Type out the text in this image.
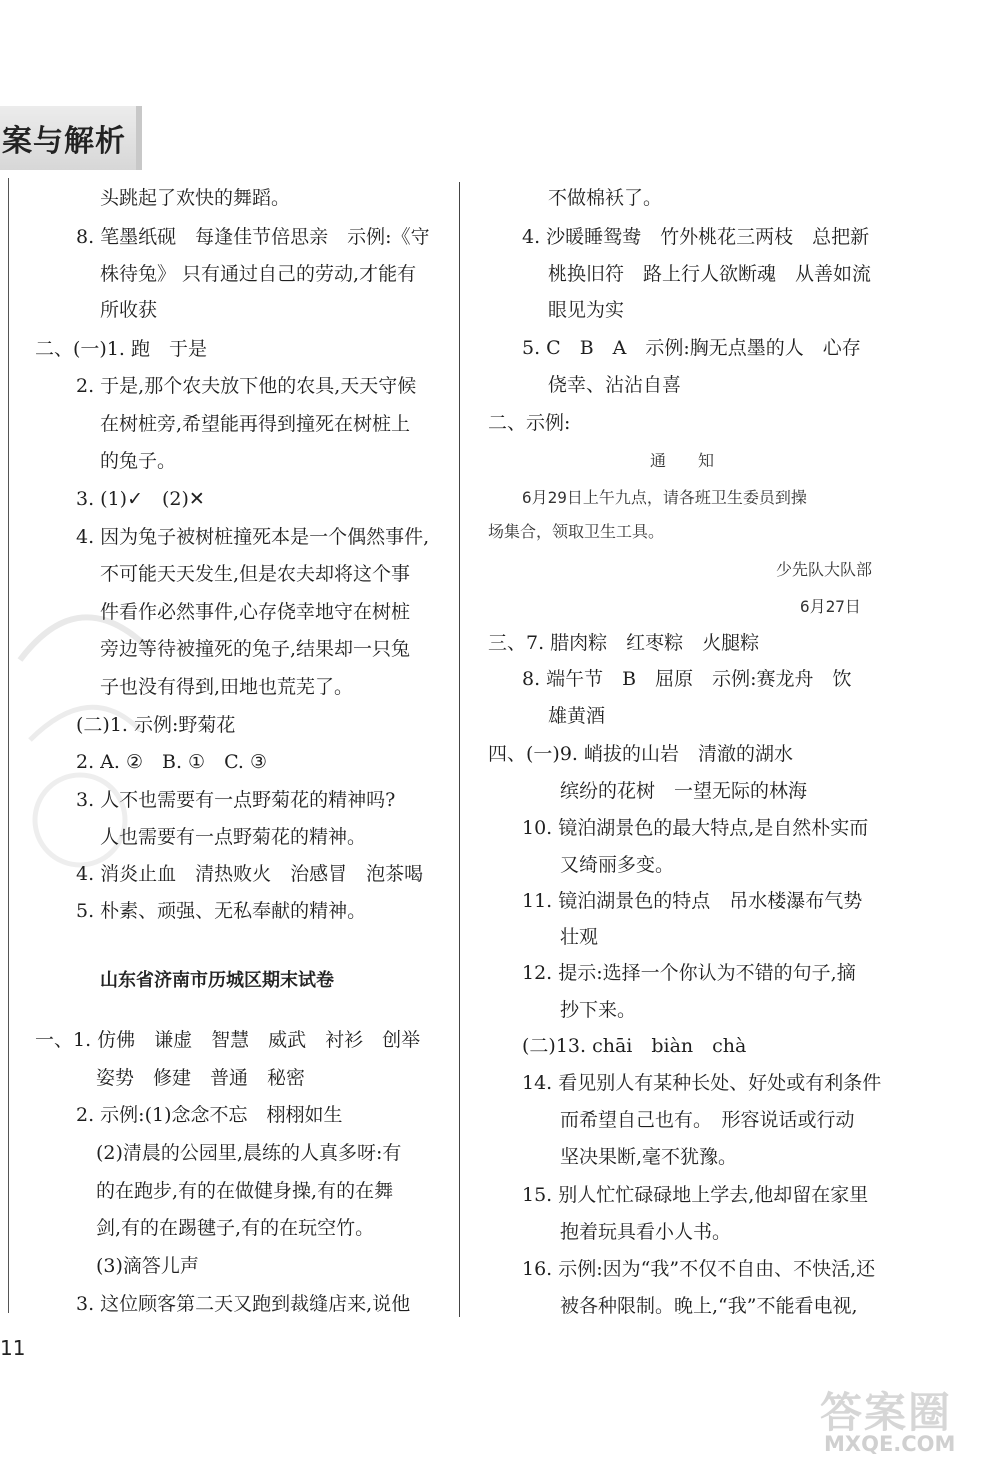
案与解析
头跳起了欢快的舞蹈。
8. 笔墨纸砚　每逢佳节倍思亲　示例:《守
株待兔》 只有通过自己的劳动,才能有
所收获
二、(一)1. 跑　于是
2. 于是,那个农夫放下他的农具,天天守候
在树桩旁,希望能再得到撞死在树桩上
的兔子。
3. (1)✓　(2)✕
4. 因为兔子被树桩撞死本是一个偶然事件,
不可能天天发生,但是农夫却将这个事
件看作必然事件,心存侥幸地守在树桩
旁边等待被撞死的兔子,结果却一只兔
子也没有得到,田地也荒芜了。
(二)1. 示例:野菊花
2. A. ②　B. ①　C. ③
3. 人不也需要有一点野菊花的精神吗?
人也需要有一点野菊花的精神。
4. 消炎止血　清热败火　治感冒　泡茶喝
5. 朴素、顽强、无私奉献的精神。
山东省济南市历城区期末试卷
一、1. 仿佛　谦虚　智慧　威武　衬衫　创举
姿势　修建　普通　秘密
2. 示例:(1)念念不忘　栩栩如生
(2)清晨的公园里,晨练的人真多呀:有
的在跑步,有的在做健身操,有的在舞
剑,有的在踢毽子,有的在玩空竹。
(3)滴答儿声
3. 这位顾客第二天又跑到裁缝店来,说他
不做棉袄了。
4. 沙暖睡鸳鸯　竹外桃花三两枝　总把新
桃换旧符　路上行人欲断魂　从善如流
眼见为实
5. C　B　A　示例:胸无点墨的人　心存
侥幸、沾沾自喜
二、示例:
通　　知
6月29日上午九点，请各班卫生委员到操
场集合，领取卫生工具。
少先队大队部
6月27日
三、7. 腊肉粽　红枣粽　火腿粽
8. 端午节　B　屈原　示例:赛龙舟　饮
雄黄酒
四、(一)9. 峭拔的山岩　清澈的湖水
缤纷的花树　一望无际的林海
10. 镜泊湖景色的最大特点,是自然朴实而
又绮丽多变。
11. 镜泊湖景色的特点　吊水楼瀑布气势
壮观
12. 提示:选择一个你认为不错的句子,摘
抄下来。
(二)13. chāi　biàn　chà
14. 看见别人有某种长处、好处或有利条件
而希望自己也有。　形容说话或行动
坚决果断,毫不犹豫。
15. 别人忙忙碌碌地上学去,他却留在家里
抱着玩具看小人书。
16. 示例:因为“我”不仅不自由、不快活,还
被各种限制。晚上,“我”不能看电视,
11
答案圈
MXQE.COM
